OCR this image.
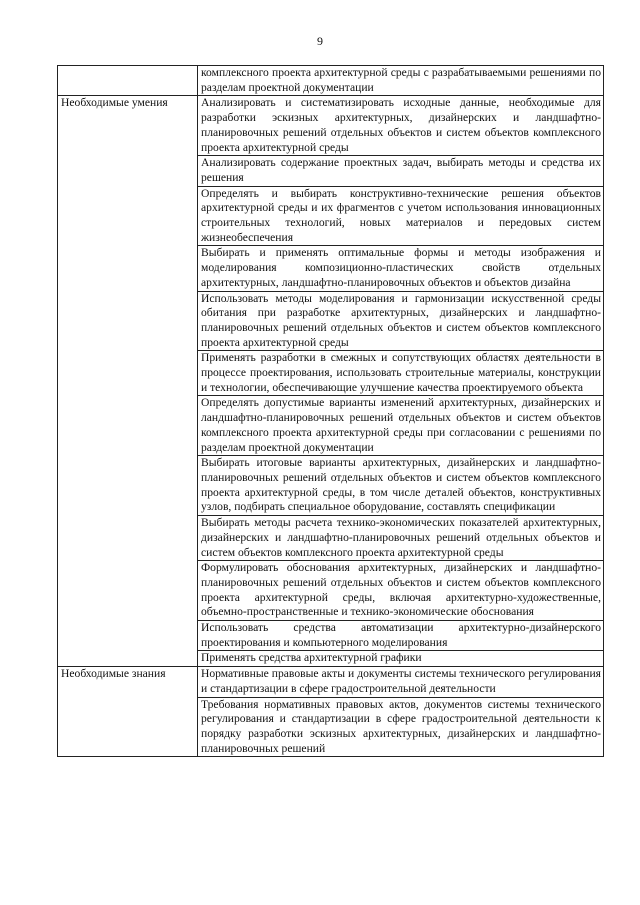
9
	комплексного проекта архитектурной среды с разрабатываемыми решениями по разделам проектной документации
Необходимые умения	Анализировать и систематизировать исходные данные, необходимые для разработки эскизных архитектурных, дизайнерских и ландшафтно-планировочных решений отдельных объектов и систем объектов комплексного проекта архитектурной среды
	Анализировать содержание проектных задач, выбирать методы и средства их решения
	Определять и выбирать конструктивно-технические решения объектов архитектурной среды и их фрагментов с учетом использования инновационных строительных технологий, новых материалов и передовых систем жизнеобеспечения
	Выбирать и применять оптимальные формы и методы изображения и моделирования композиционно-пластических свойств отдельных архитектурных, ландшафтно-планировочных объектов и объектов дизайна
	Использовать методы моделирования и гармонизации искусственной среды обитания при разработке архитектурных, дизайнерских и ландшафтно-планировочных решений отдельных объектов и систем объектов комплексного проекта архитектурной среды
	Применять разработки в смежных и сопутствующих областях деятельности в процессе проектирования, использовать строительные материалы, конструкции и технологии, обеспечивающие улучшение качества проектируемого объекта
	Определять допустимые варианты изменений архитектурных, дизайнерских и ландшафтно-планировочных решений отдельных объектов и систем объектов комплексного проекта архитектурной среды при согласовании с решениями по разделам проектной документации
	Выбирать итоговые варианты архитектурных, дизайнерских и ландшафтно-планировочных решений отдельных объектов и систем объектов комплексного проекта архитектурной среды, в том числе деталей объектов, конструктивных узлов, подбирать специальное оборудование, составлять спецификации
	Выбирать методы расчета технико-экономических показателей архитектурных, дизайнерских и ландшафтно-планировочных решений отдельных объектов и систем объектов комплексного проекта архитектурной среды
	Формулировать обоснования архитектурных, дизайнерских и ландшафтно-планировочных решений отдельных объектов и систем объектов комплексного проекта архитектурной среды, включая архитектурно-художественные, объемно-пространственные и технико-экономические обоснования
	Использовать средства автоматизации архитектурно-дизайнерского проектирования и компьютерного моделирования
	Применять средства архитектурной графики
Необходимые знания	Нормативные правовые акты и документы системы технического регулирования и стандартизации в сфере градостроительной деятельности
	Требования нормативных правовых актов, документов системы технического регулирования и стандартизации в сфере градостроительной деятельности к порядку разработки эскизных архитектурных, дизайнерских и ландшафтно-планировочных решений
